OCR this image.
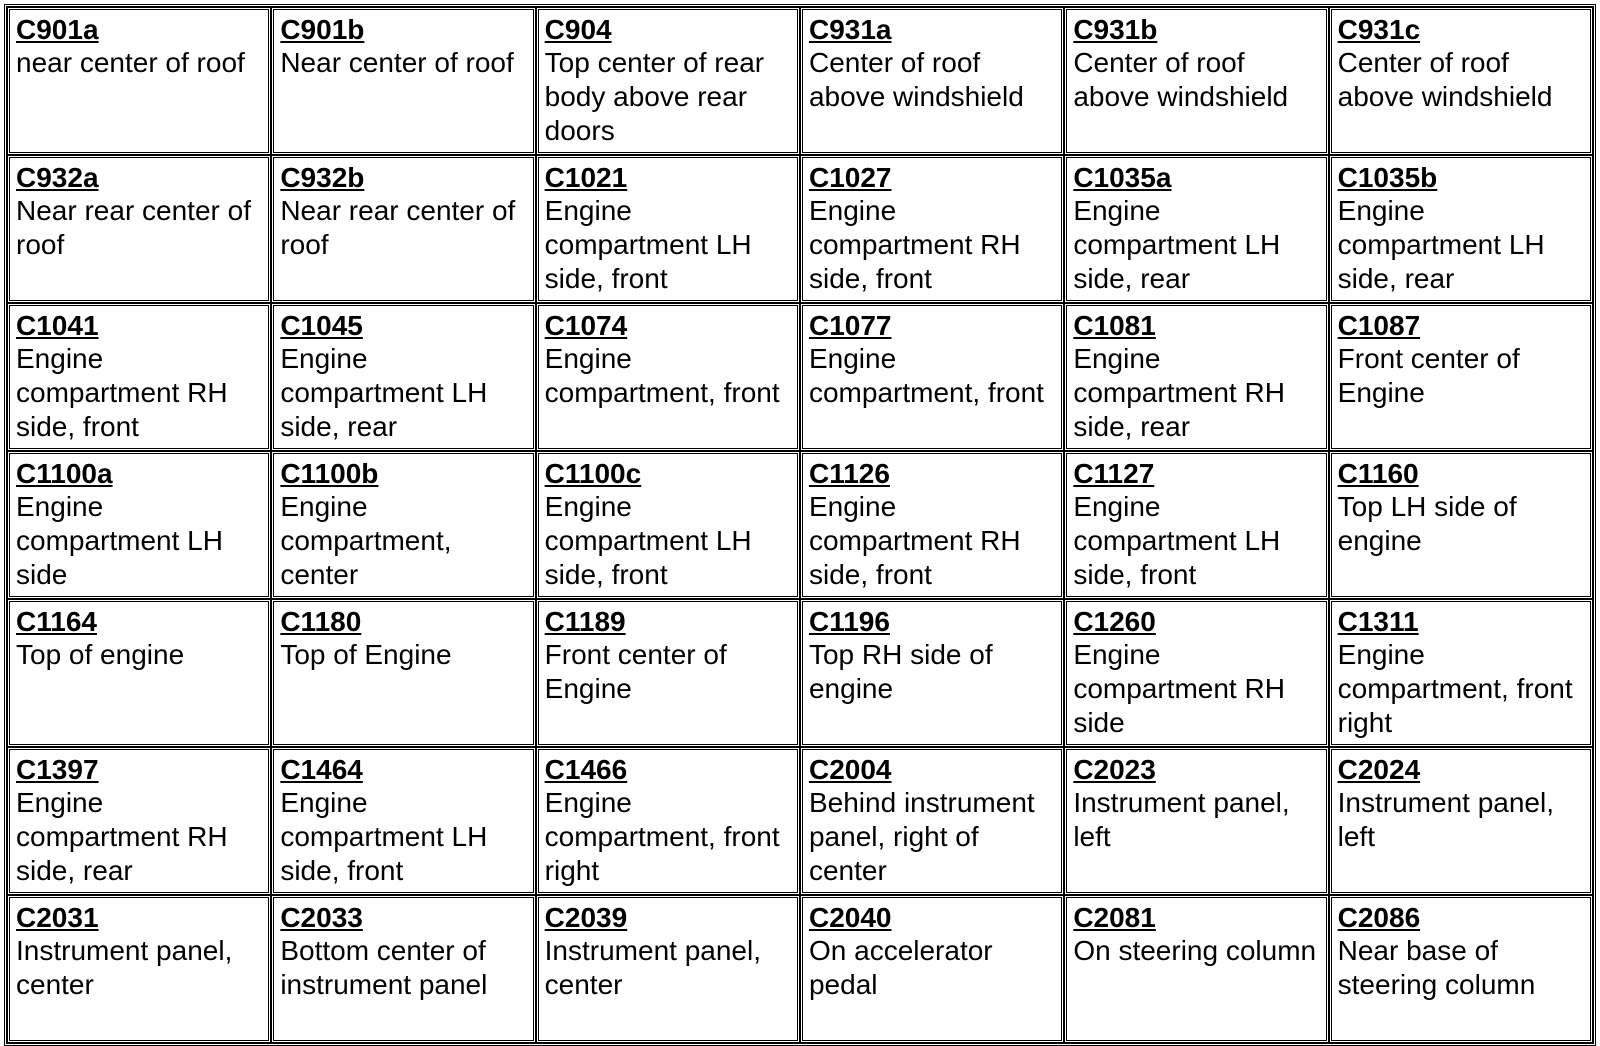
C901a
near center of roof	C901b
Near center of roof	C904
Top center of rear body above rear doors	C931a
Center of roof above windshield	C931b
Center of roof above windshield	C931c
Center of roof above windshield

C932a
Near rear center of roof	C932b
Near rear center of roof	C1021
Engine compartment LH side, front	C1027
Engine compartment RH side, front	C1035a
Engine compartment LH side, rear	C1035b
Engine compartment LH side, rear

C1041
Engine compartment RH side, front	C1045
Engine compartment LH side, rear	C1074
Engine compartment, front	C1077
Engine compartment, front	C1081
Engine compartment RH side, rear	C1087
Front center of Engine

C1100a
Engine compartment LH side	C1100b
Engine compartment, center	C1100c
Engine compartment LH side, front	C1126
Engine compartment RH side, front	C1127
Engine compartment LH side, front	C1160
Top LH side of engine

C1164
Top of engine	C1180
Top of Engine	C1189
Front center of Engine	C1196
Top RH side of engine	C1260
Engine compartment RH side	C1311
Engine compartment, front right

C1397
Engine compartment RH side, rear	C1464
Engine compartment LH side, front	C1466
Engine compartment, front right	C2004
Behind instrument panel, right of center	C2023
Instrument panel, left	C2024
Instrument panel, left

C2031
Instrument panel, center	C2033
Bottom center of instrument panel	C2039
Instrument panel, center	C2040
On accelerator pedal	C2081
On steering column	C2086
Near base of steering column
